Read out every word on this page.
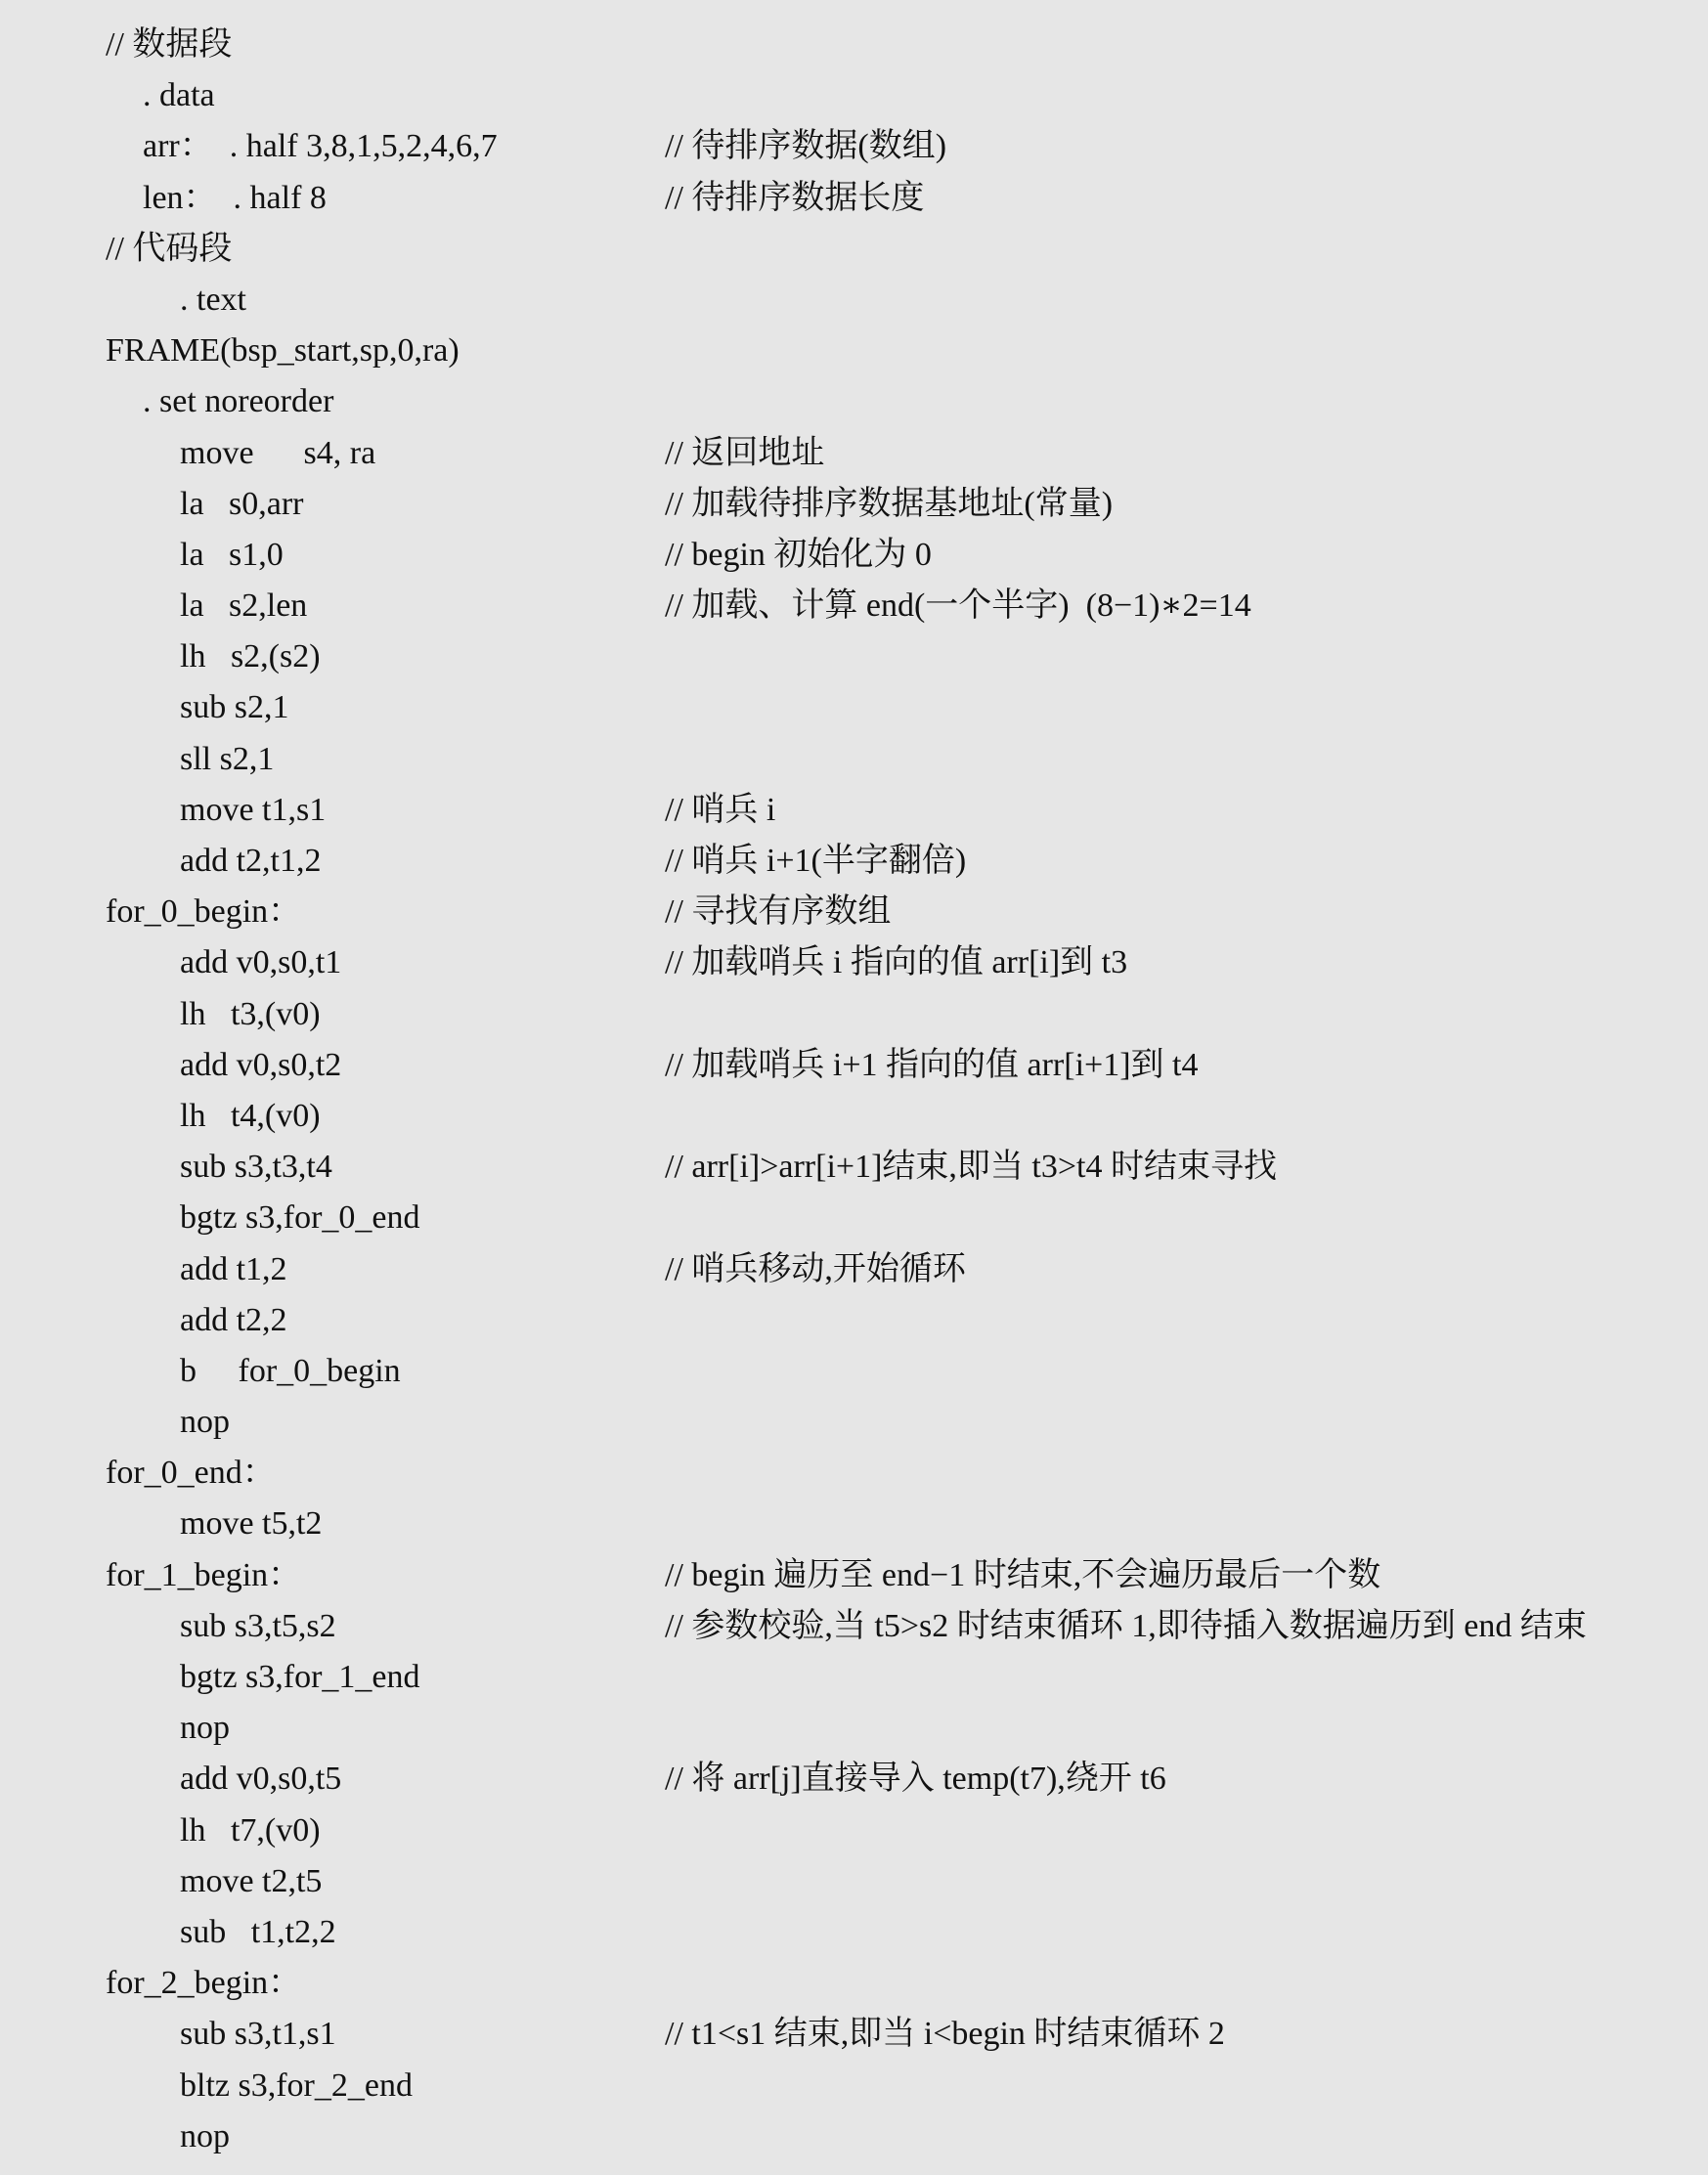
// 数据段
. data
arr：  . half 3,8,1,5,2,4,6,7	// 待排序数据(数组)
len：  . half 8	// 待排序数据长度
// 代码段
. text
FRAME(bsp_start,sp,0,ra)
. set noreorder
move      s4, ra	// 返回地址
la   s0,arr	// 加载待排序数据基地址(常量)
la   s1,0	// begin 初始化为 0
la   s2,len	// 加载、计算 end(一个半字)  (8−1)∗2=14
lh   s2,(s2)
sub s2,1
sll s2,1
move t1,s1	// 哨兵 i
add t2,t1,2	// 哨兵 i+1(半字翻倍)
for_0_begin：	// 寻找有序数组
add v0,s0,t1	// 加载哨兵 i 指向的值 arr[i]到 t3
lh   t3,(v0)
add v0,s0,t2	// 加载哨兵 i+1 指向的值 arr[i+1]到 t4
lh   t4,(v0)
sub s3,t3,t4	// arr[i]>arr[i+1]结束,即当 t3>t4 时结束寻找
bgtz s3,for_0_end
add t1,2	// 哨兵移动,开始循环
add t2,2
b     for_0_begin
nop
for_0_end：
move t5,t2
for_1_begin：	// begin 遍历至 end−1 时结束,不会遍历最后一个数
sub s3,t5,s2	// 参数校验,当 t5>s2 时结束循环 1,即待插入数据遍历到 end 结束
bgtz s3,for_1_end
nop
add v0,s0,t5	// 将 arr[j]直接导入 temp(t7),绕开 t6
lh   t7,(v0)
move t2,t5
sub   t1,t2,2
for_2_begin：
sub s3,t1,s1	// t1<s1 结束,即当 i<begin 时结束循环 2
bltz s3,for_2_end
nop
